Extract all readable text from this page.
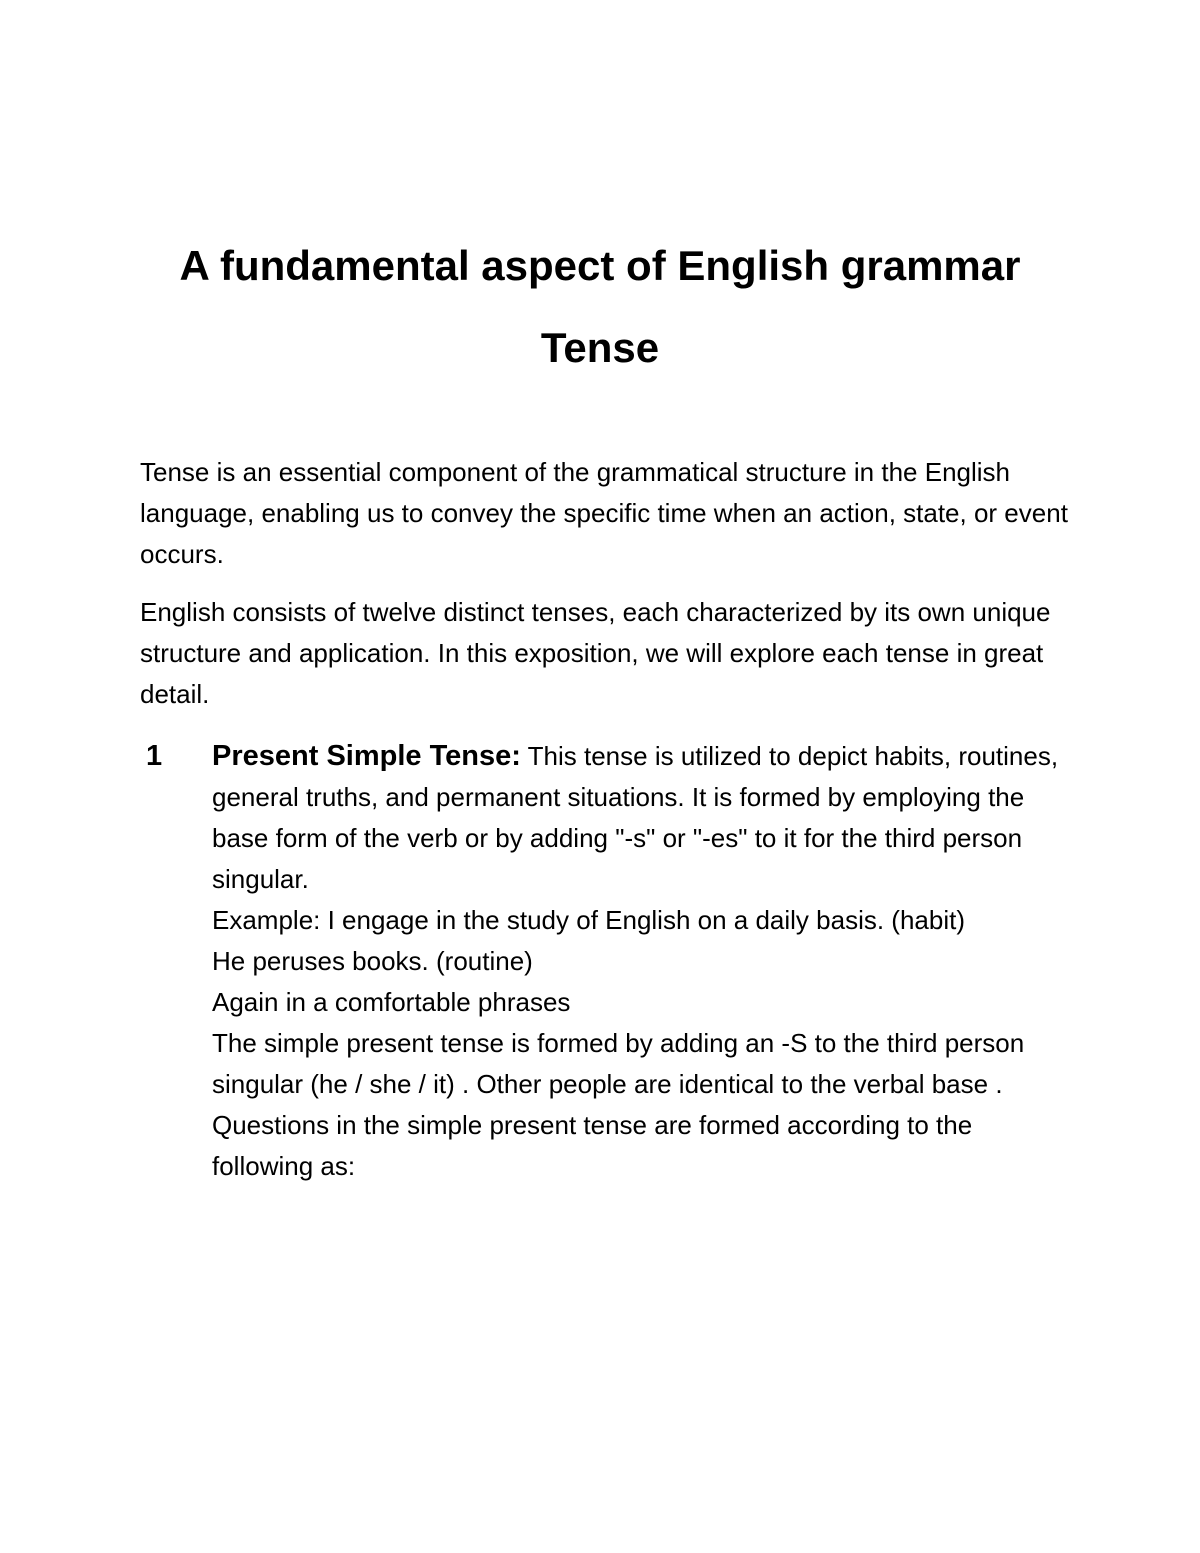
A fundamental aspect of English grammar
Tense

Tense is an essential component of the grammatical structure in the English language, enabling us to convey the specific time when an action, state, or event occurs.

English consists of twelve distinct tenses, each characterized by its own unique structure and application. In this exposition, we will explore each tense in great detail.

1 Present Simple Tense: This tense is utilized to depict habits, routines, general truths, and permanent situations. It is formed by employing the base form of the verb or by adding "-s" or "-es" to it for the third person singular.

Example: I engage in the study of English on a daily basis. (habit)

He peruses books. (routine)

Again in a comfortable phrases

The simple present tense is formed by adding an -S to the third person singular (he / she / it) . Other people are identical to the verbal base .

Questions in the simple present tense are formed according to the following as:
